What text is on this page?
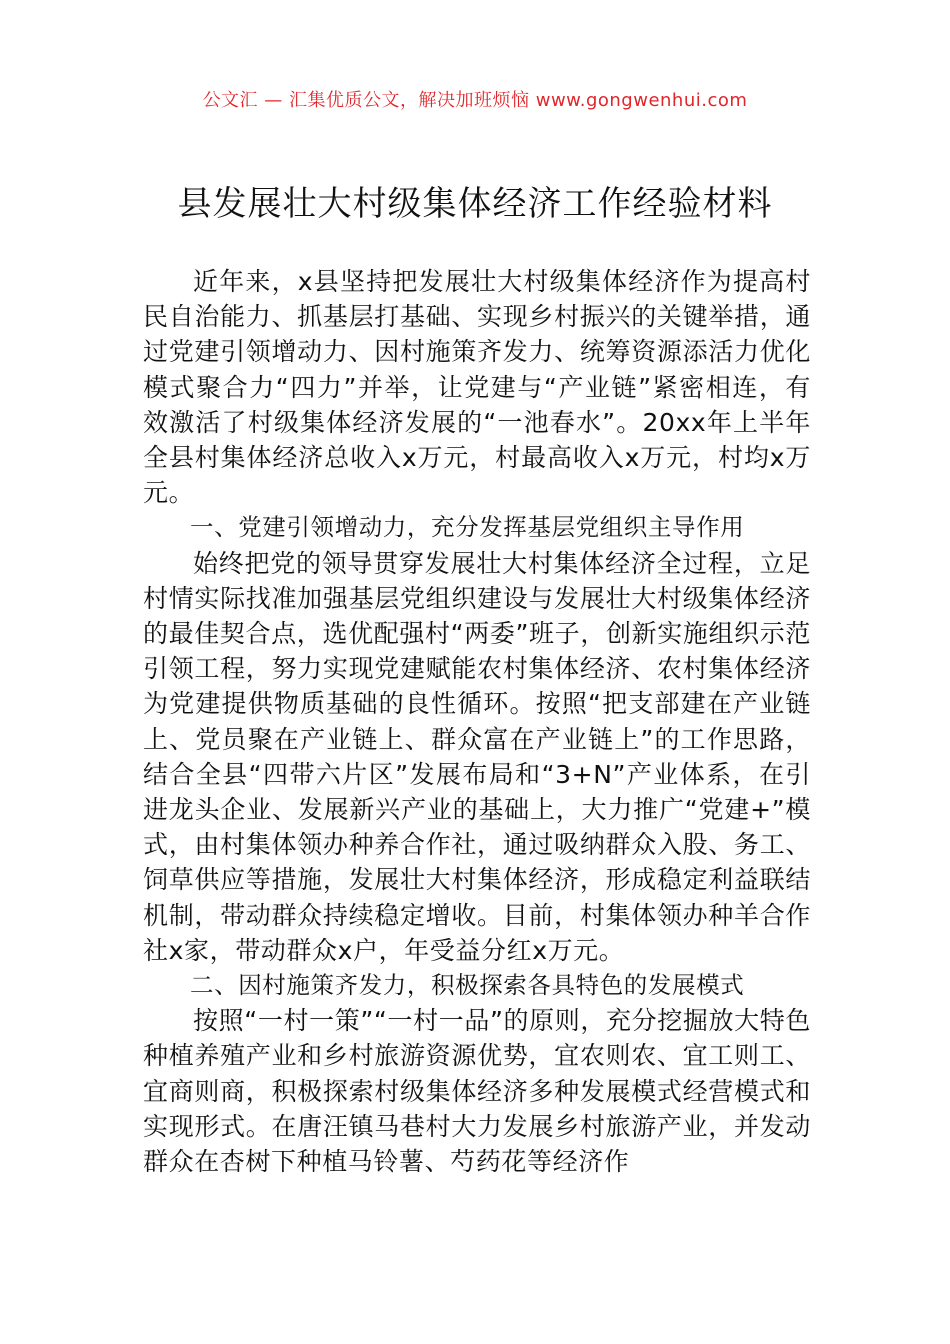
公文汇 — 汇集优质公文，解决加班烦恼 www.gongwenhui.com
县发展壮大村级集体经济工作经验材料

近年来，x县坚持把发展壮大村级集体经济作为提高村民自治能力、抓基层打基础、实现乡村振兴的关键举措，通过党建引领增动力、因村施策齐发力、统筹资源添活力优化模式聚合力“四力”并举，让党建与“产业链”紧密相连，有效激活了村级集体经济发展的“一池春水”。20xx年上半年全县村集体经济总收入x万元，村最高收入x万元，村均x万元。

一、党建引领增动力，充分发挥基层党组织主导作用

始终把党的领导贯穿发展壮大村集体经济全过程，立足村情实际找准加强基层党组织建设与发展壮大村级集体经济的最佳契合点，选优配强村“两委”班子，创新实施组织示范引领工程，努力实现党建赋能农村集体经济、农村集体经济为党建提供物质基础的良性循环。按照“把支部建在产业链上、党员聚在产业链上、群众富在产业链上”的工作思路，结合全县“四带六片区”发展布局和“3+N”产业体系，在引进龙头企业、发展新兴产业的基础上，大力推广“党建+”模式，由村集体领办种养合作社，通过吸纳群众入股、务工、饲草供应等措施，发展壮大村集体经济，形成稳定利益联结机制，带动群众持续稳定增收。目前，村集体领办种羊合作社x家，带动群众x户，年受益分红x万元。

二、因村施策齐发力，积极探索各具特色的发展模式

按照“一村一策”“一村一品”的原则，充分挖掘放大特色种植养殖产业和乡村旅游资源优势，宜农则农、宜工则工、宜商则商，积极探索村级集体经济多种发展模式经营模式和实现形式。在唐汪镇马巷村大力发展乡村旅游产业，并发动群众在杏树下种植马铃薯、芍药花等经济作
